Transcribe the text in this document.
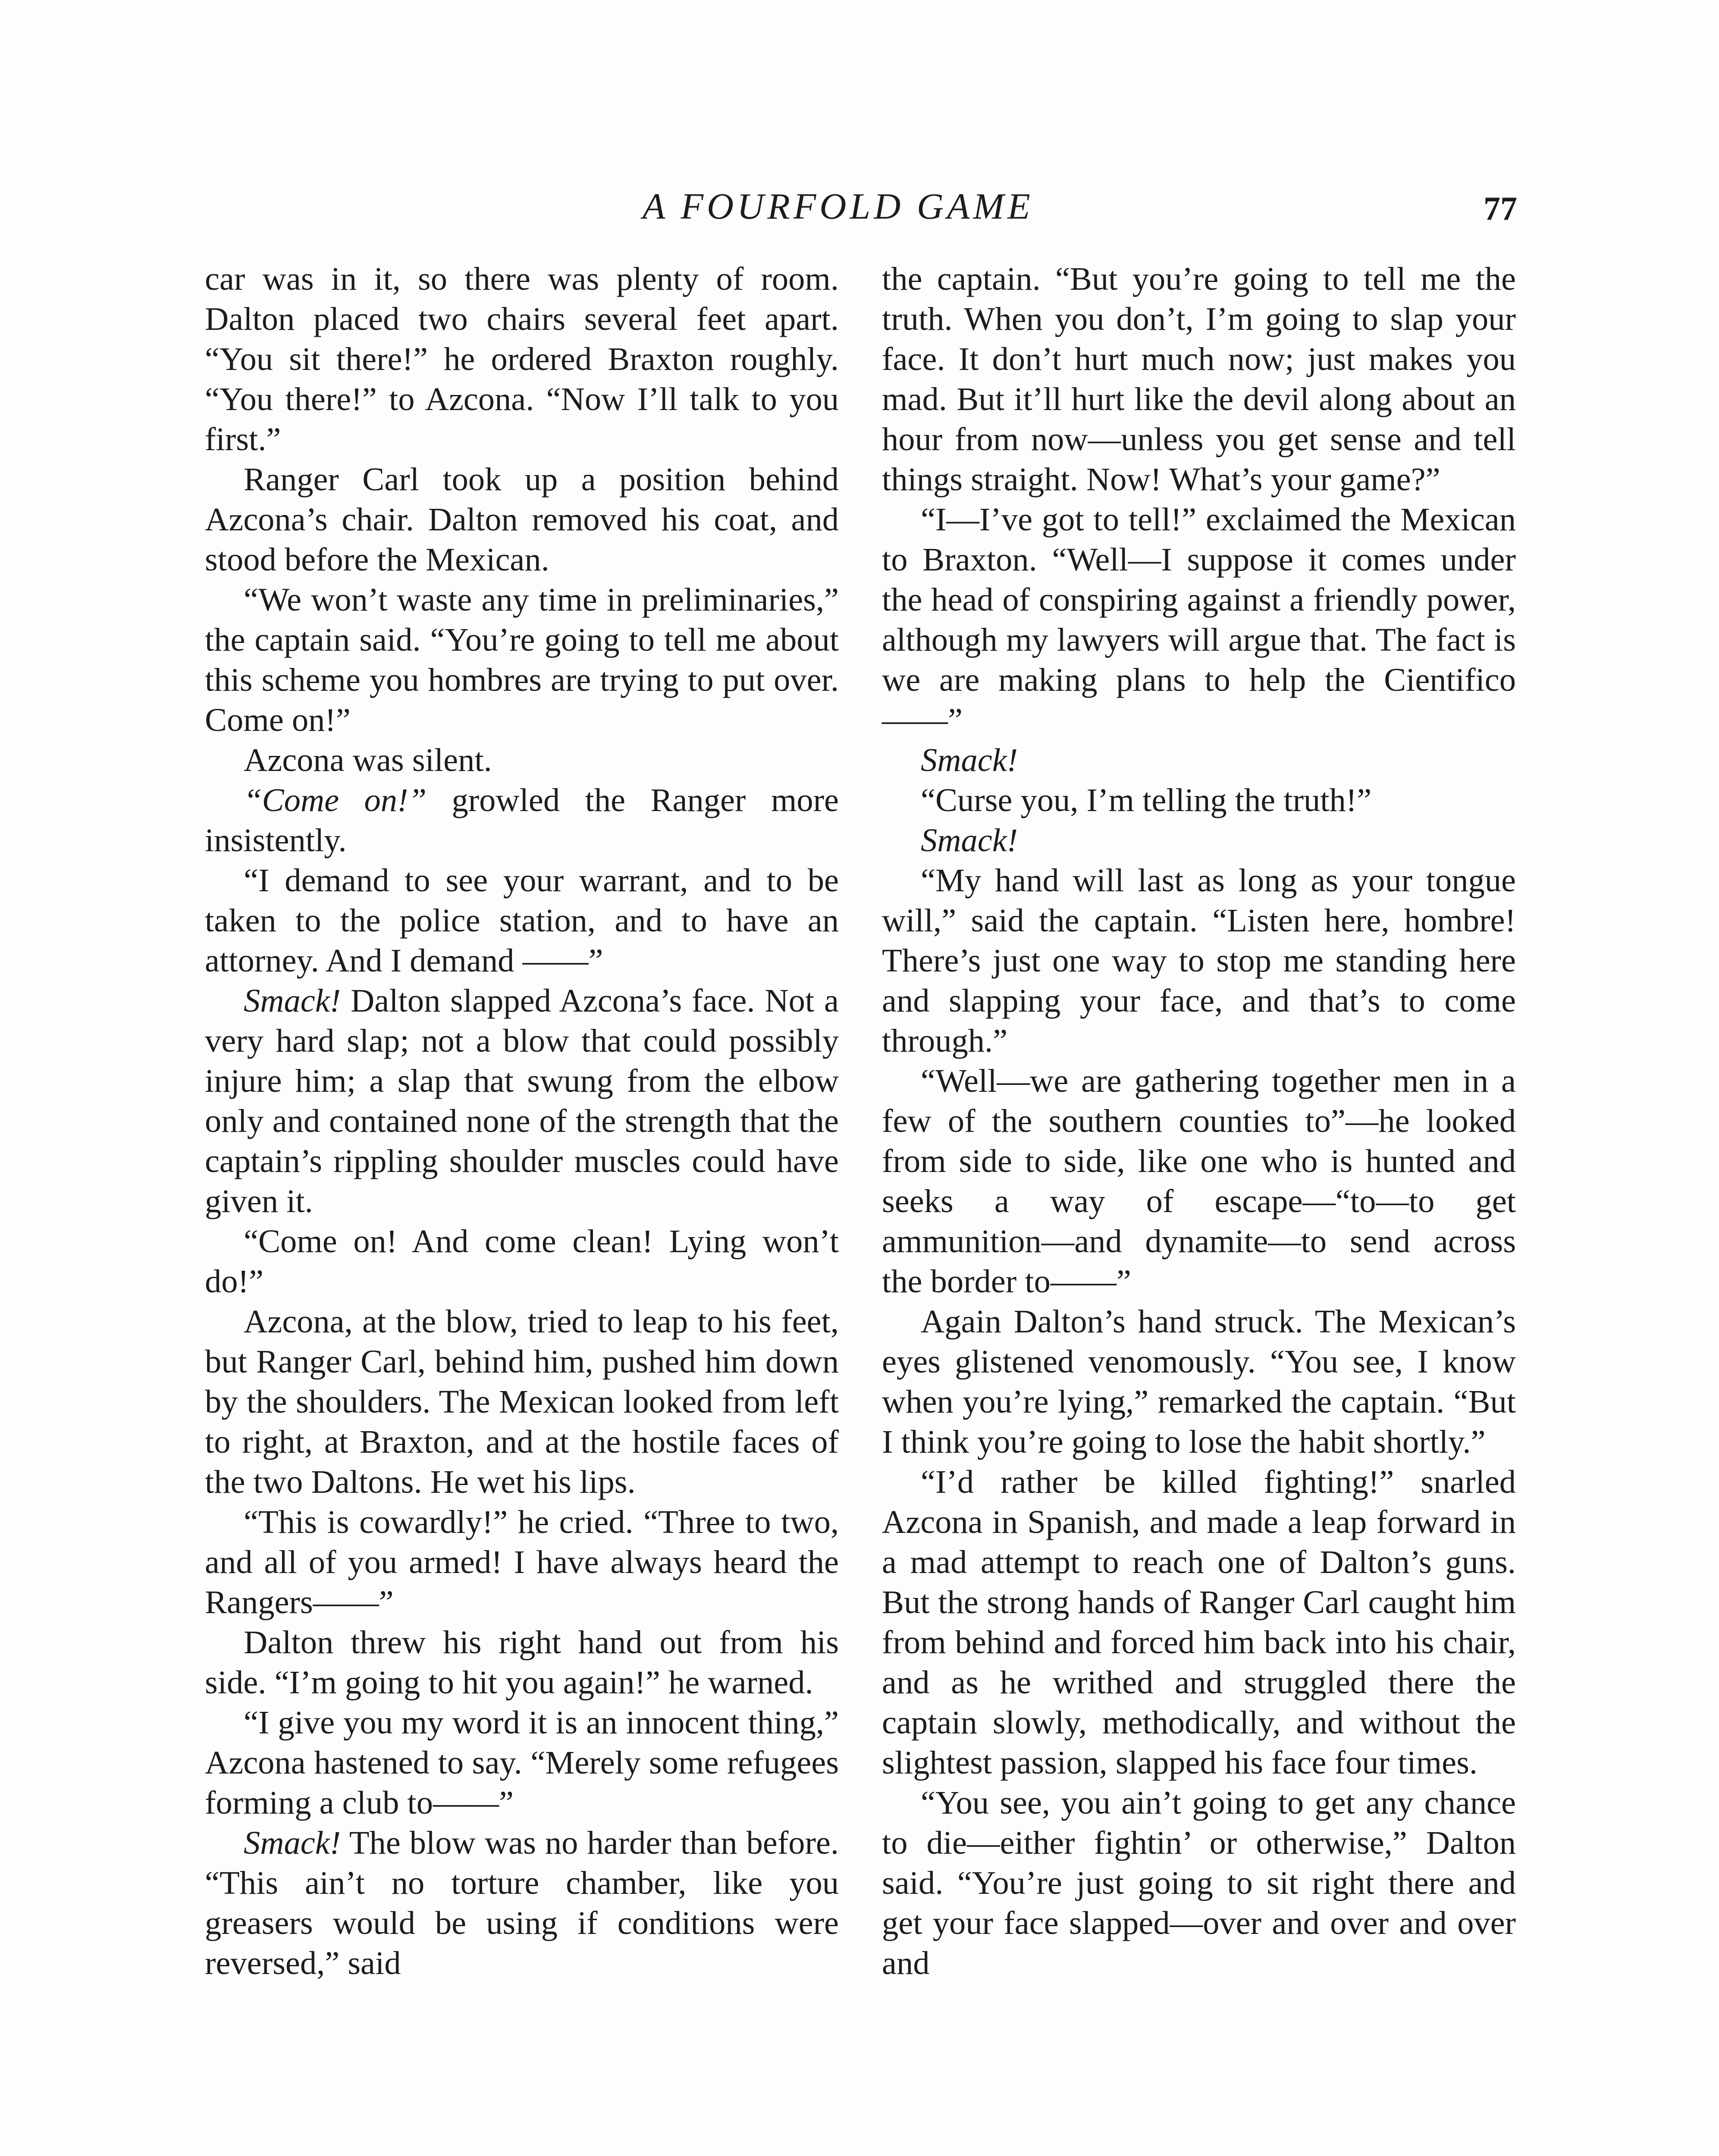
A FOURFOLD GAME	77

car was in it, so there was plenty of room. Dalton placed two chairs several feet apart. “You sit there!” he ordered Braxton roughly. “You there!” to Azcona. “Now I’ll talk to you first.”

Ranger Carl took up a position behind Azcona’s chair. Dalton removed his coat, and stood before the Mexican.

“We won’t waste any time in preliminaries,” the captain said. “You’re going to tell me about this scheme you hombres are trying to put over. Come on!”

Azcona was silent.

“Come on!” growled the Ranger more insistently.

“I demand to see your warrant, and to be taken to the police station, and to have an attorney. And I demand ——”

Smack! Dalton slapped Azcona’s face. Not a very hard slap; not a blow that could possibly injure him; a slap that swung from the elbow only and contained none of the strength that the captain’s rippling shoulder muscles could have given it.

“Come on! And come clean! Lying won’t do!”

Azcona, at the blow, tried to leap to his feet, but Ranger Carl, behind him, pushed him down by the shoulders. The Mexican looked from left to right, at Braxton, and at the hostile faces of the two Daltons. He wet his lips.

“This is cowardly!” he cried. “Three to two, and all of you armed! I have always heard the Rangers——”

Dalton threw his right hand out from his side. “I’m going to hit you again!” he warned.

“I give you my word it is an innocent thing,” Azcona hastened to say. “Merely some refugees forming a club to——”

Smack! The blow was no harder than before. “This ain’t no torture chamber, like you greasers would be using if conditions were reversed,” said

the captain. “But you’re going to tell me the truth. When you don’t, I’m going to slap your face. It don’t hurt much now; just makes you mad. But it’ll hurt like the devil along about an hour from now—unless you get sense and tell things straight. Now! What’s your game?”

“I—I’ve got to tell!” exclaimed the Mexican to Braxton. “Well—I suppose it comes under the head of conspiring against a friendly power, although my lawyers will argue that. The fact is we are making plans to help the Cientifico——”

Smack!

“Curse you, I’m telling the truth!”

Smack!

“My hand will last as long as your tongue will,” said the captain. “Listen here, hombre! There’s just one way to stop me standing here and slapping your face, and that’s to come through.”

“Well—we are gathering together men in a few of the southern counties to”—he looked from side to side, like one who is hunted and seeks a way of escape—“to—to get ammunition—and dynamite—to send across the border to——”

Again Dalton’s hand struck. The Mexican’s eyes glistened venomously. “You see, I know when you’re lying,” remarked the captain. “But I think you’re going to lose the habit shortly.”

“I’d rather be killed fighting!” snarled Azcona in Spanish, and made a leap forward in a mad attempt to reach one of Dalton’s guns. But the strong hands of Ranger Carl caught him from behind and forced him back into his chair, and as he writhed and struggled there the captain slowly, methodically, and without the slightest passion, slapped his face four times.

“You see, you ain’t going to get any chance to die—either fightin’ or otherwise,” Dalton said. “You’re just going to sit right there and get your face slapped—over and over and over and
